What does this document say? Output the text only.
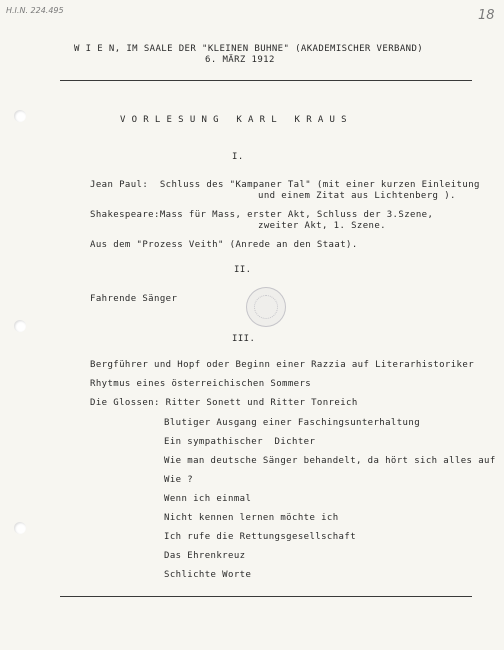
H.I.N. 224.495	18
W I E N, IM SAALE DER "KLEINEN BUHNE" (AKADEMISCHER VERBAND)
6. MÄRZ 1912
V O R L E S U N G   K A R L   K R A U S
I.
Jean Paul:  Schluss des "Kampaner Tal" (mit einer kurzen Einleitung
und einem Zitat aus Lichtenberg ).
Shakespeare:Mass für Mass, erster Akt, Schluss der 3.Szene,
zweiter Akt, 1. Szene.
Aus dem "Prozess Veith" (Anrede an den Staat).
II.
Fahrende Sänger
III.
Bergführer und Hopf oder Beginn einer Razzia auf Literarhistoriker
Rhytmus eines österreichischen Sommers
Die Glossen: Ritter Sonett und Ritter Tonreich
Blutiger Ausgang einer Faschingsunterhaltung
Ein sympathischer  Dichter
Wie man deutsche Sänger behandelt, da hört sich alles auf
Wie ?
Wenn ich einmal
Nicht kennen lernen möchte ich
Ich rufe die Rettungsgesellschaft
Das Ehrenkreuz
Schlichte Worte
